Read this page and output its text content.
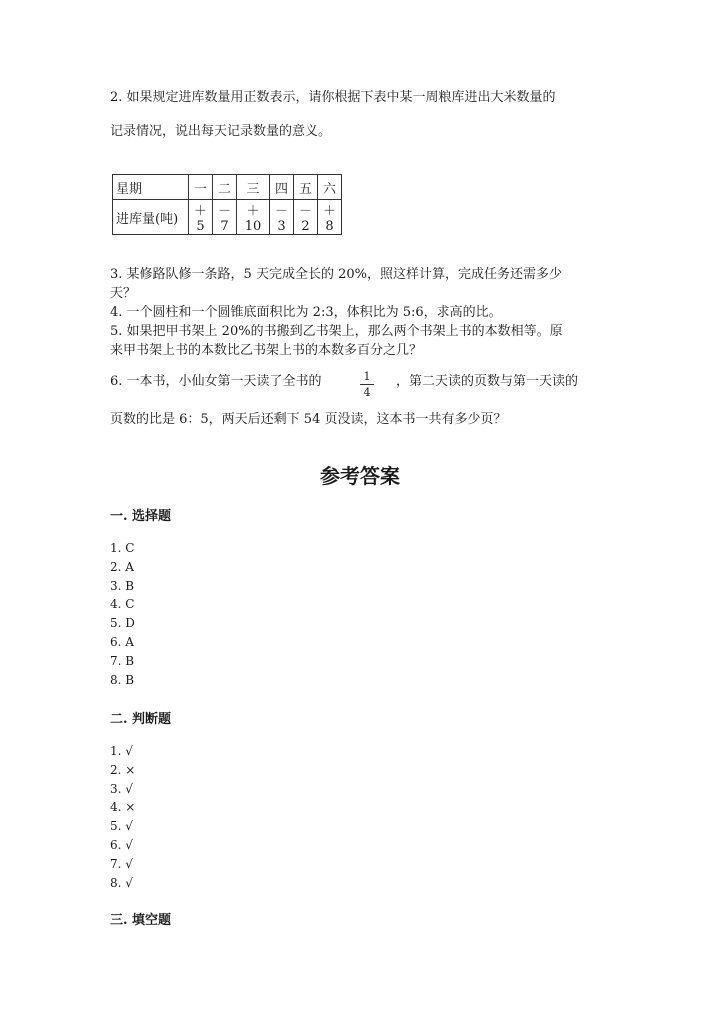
2. 如果规定进库数量用正数表示，请你根据下表中某一周粮库进出大米数量的
记录情况，说出每天记录数量的意义。
星期	一	二	三	四	五	六
进库量(吨)	＋5	－7	＋10	－3	－2	＋8
3. 某修路队修一条路，5 天完成全长的 20%，照这样计算，完成任务还需多少
天？
4. 一个圆柱和一个圆锥底面积比为 2:3，体积比为 5:6，求高的比。
5. 如果把甲书架上 20%的书搬到乙书架上，那么两个书架上书的本数相等。原
来甲书架上书的本数比乙书架上书的本数多百分之几？
6. 一本书，小仙女第一天读了全书的	1
4
，第二天读的页数与第一天读的
页数的比是 6：5，两天后还剩下 54 页没读，这本书一共有多少页？
参考答案
一. 选择题
1. C
2. A
3. B
4. C
5. D
6. A
7. B
8. B
二. 判断题
1. √
2. ×
3. √
4. ×
5. √
6. √
7. √
8. √
三. 填空题
